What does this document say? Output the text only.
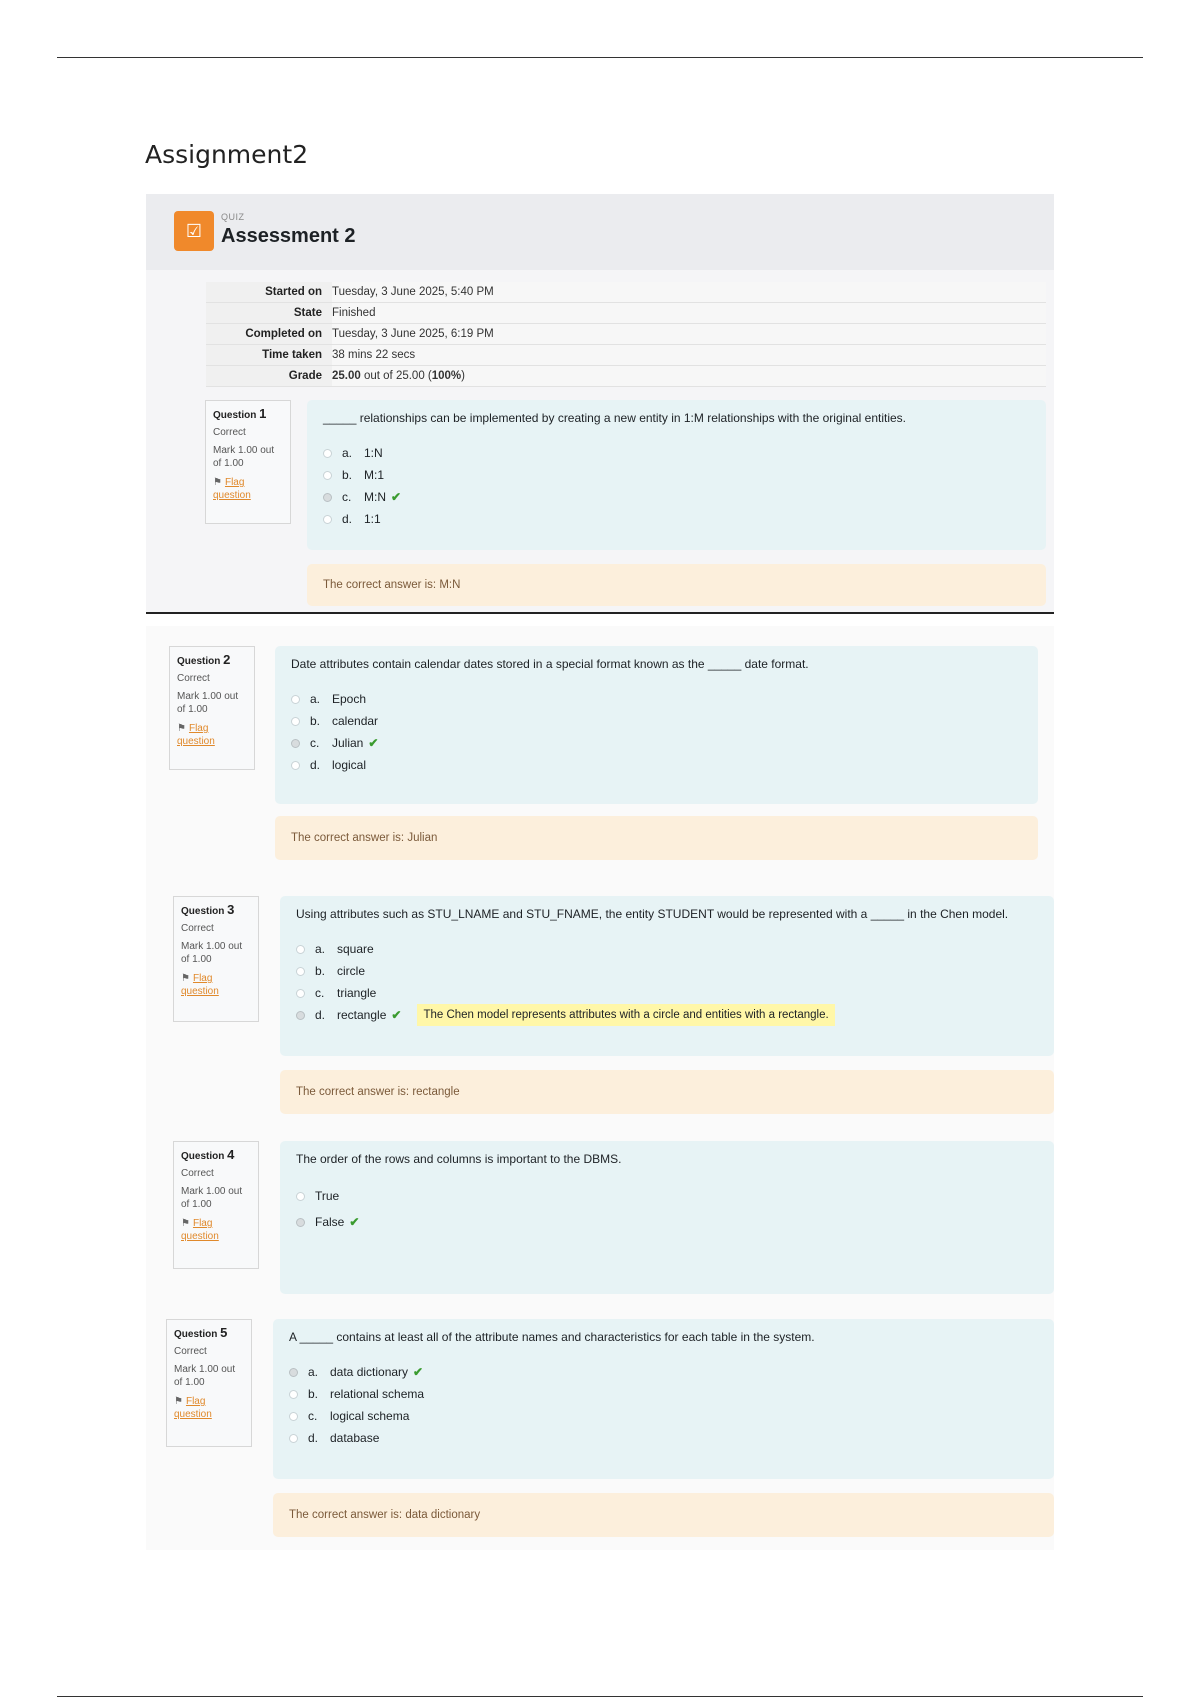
Assignment2
☑
QUIZ
Assessment 2
Started on	Tuesday, 3 June 2025, 5:40 PM
State	Finished
Completed on	Tuesday, 3 June 2025, 6:19 PM
Time taken	38 mins 22 secs
Grade	25.00 out of 25.00 (100%)
Question 1
Correct
Mark 1.00 out of 1.00
⚑ Flag question

_____ relationships can be implemented by creating a new entity in 1:M relationships with the original entities.

a. 1:N
b. M:1
c.	M:N ✔
d. 1:1
The correct answer is: M:N
Question 2
Correct
Mark 1.00 out of 1.00
⚑ Flag question

Date attributes contain calendar dates stored in a special format known as the _____ date format.

a. Epoch
b. calendar
c.	Julian ✔
d. logical
The correct answer is: Julian
Question 3
Correct
Mark 1.00 out of 1.00
⚑ Flag question

Using attributes such as STU_LNAME and STU_FNAME, the entity STUDENT would be represented with a _____ in the Chen model.

a. square
b. circle
c.	triangle
d. rectangle ✔	The Chen model represents attributes with a circle and entities with a rectangle.
The correct answer is: rectangle
Question 4
Correct
Mark 1.00 out of 1.00
⚑ Flag question

The order of the rows and columns is important to the DBMS.

True
False ✔
Question 5
Correct
Mark 1.00 out of 1.00
⚑ Flag question

A _____ contains at least all of the attribute names and characteristics for each table in the system.

a. data dictionary ✔
b. relational schema
c.	logical schema
d. database
The correct answer is: data dictionary
